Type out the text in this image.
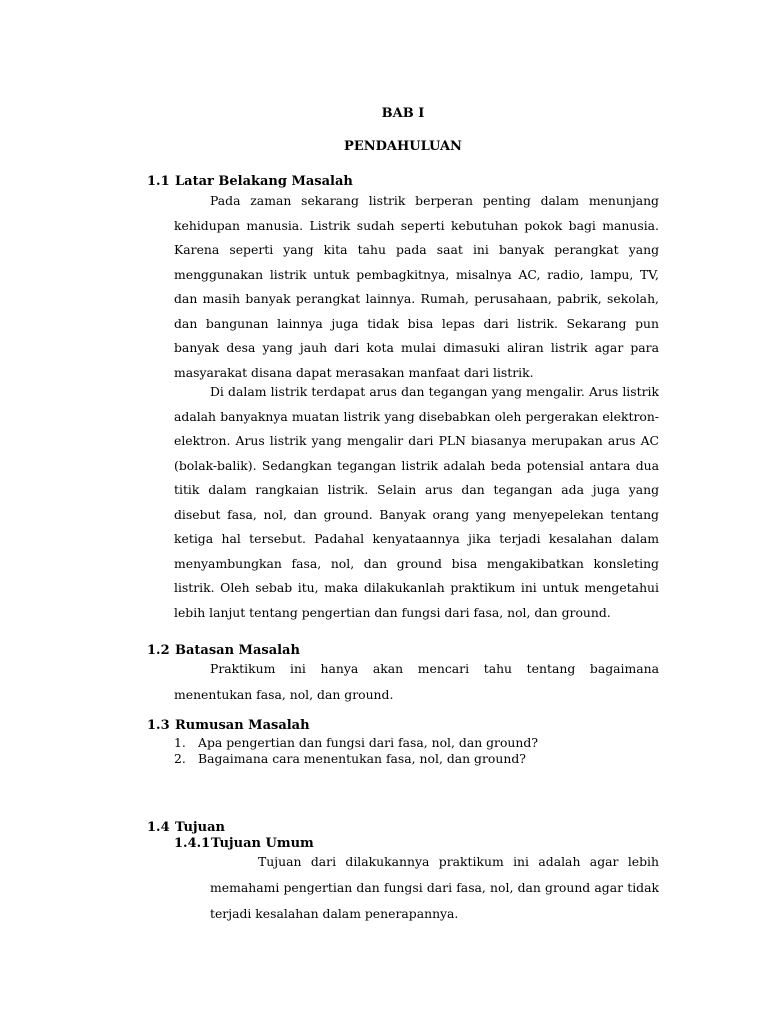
BAB I
PENDAHULUAN
1.1 Latar Belakang Masalah

Pada zaman sekarang listrik berperan penting dalam menunjang kehidupan manusia. Listrik sudah seperti kebutuhan pokok bagi manusia. Karena seperti yang kita tahu pada saat ini banyak perangkat yang menggunakan listrik untuk pembagkitnya, misalnya AC, radio, lampu, TV, dan masih banyak perangkat lainnya. Rumah, perusahaan, pabrik, sekolah, dan bangunan lainnya juga tidak bisa lepas dari listrik. Sekarang pun banyak desa yang jauh dari kota mulai dimasuki aliran listrik agar para masyarakat disana dapat merasakan manfaat dari listrik.

Di dalam listrik terdapat arus dan tegangan yang mengalir. Arus listrik adalah banyaknya muatan listrik yang disebabkan oleh pergerakan elektron-elektron. Arus listrik yang mengalir dari PLN biasanya merupakan arus AC (bolak-balik). Sedangkan tegangan listrik adalah beda potensial antara dua titik dalam rangkaian listrik. Selain arus dan tegangan ada juga yang disebut fasa, nol, dan ground. Banyak orang yang menyepelekan tentang ketiga hal tersebut. Padahal kenyataannya jika terjadi kesalahan dalam menyambungkan fasa, nol, dan ground bisa mengakibatkan konsleting listrik. Oleh sebab itu, maka dilakukanlah praktikum ini untuk mengetahui lebih lanjut tentang pengertian dan fungsi dari fasa, nol, dan ground.

1.2 Batasan Masalah

Praktikum ini hanya akan mencari tahu tentang bagaimana menentukan fasa, nol, dan ground.

1.3 Rumusan Masalah
1. Apa pengertian dan fungsi dari fasa, nol, dan ground?
2. Bagaimana cara menentukan fasa, nol, dan ground?
1.4 Tujuan
1.4.1Tujuan Umum

Tujuan dari dilakukannya praktikum ini adalah agar lebih memahami pengertian dan fungsi dari fasa, nol, dan ground agar tidak terjadi kesalahan dalam penerapannya.
